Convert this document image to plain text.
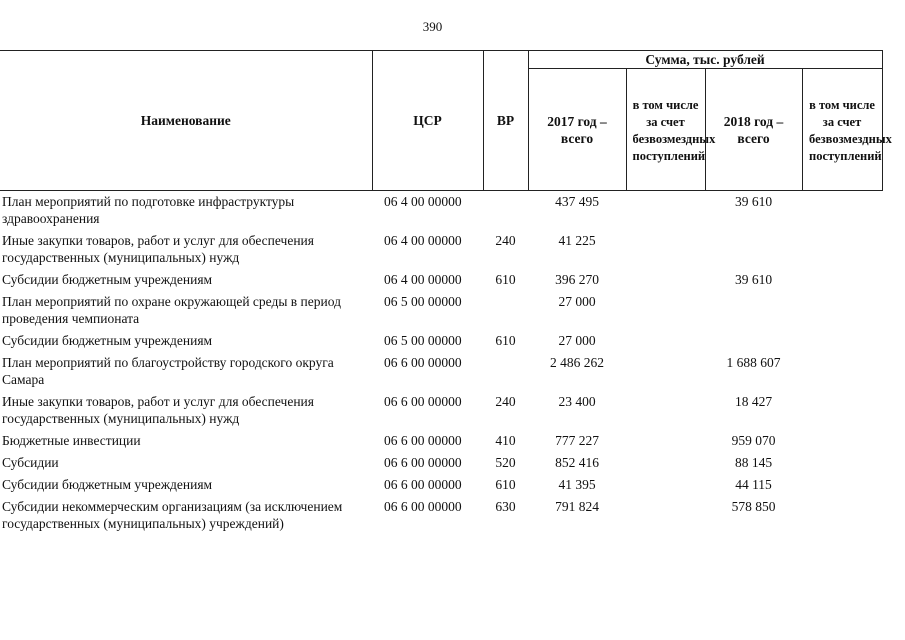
390
Наименование	ЦСР	ВР	Сумма, тыс. рублей			

			2017 год – всего	в том числе за счет безвозмездных поступлений	2018 год – всего	в том числе за счет безвозмездных поступлений

План мероприятий по подготовке инфраструктуры здравоохранения	06 4 00 00000		437 495		39 610	
Иные закупки товаров, работ и услуг для обеспечения государственных (муниципальных) нужд	06 4 00 00000	240	41 225			
Субсидии бюджетным учреждениям	06 4 00 00000	610	396 270		39 610	
План мероприятий по охране окружающей среды в период проведения чемпионата	06 5 00 00000		27 000			
Субсидии бюджетным учреждениям	06 5 00 00000	610	27 000			
План мероприятий по благоустройству городского округа Самара	06 6 00 00000		2 486 262		1 688 607	
Иные закупки товаров, работ и услуг для обеспечения государственных (муниципальных) нужд	06 6 00 00000	240	23 400		18 427	
Бюджетные инвестиции	06 6 00 00000	410	777 227		959 070	
Субсидии	06 6 00 00000	520	852 416		88 145	
Субсидии бюджетным учреждениям	06 6 00 00000	610	41 395		44 115	
Субсидии некоммерческим организациям (за исключением государственных (муниципальных) учреждений)	06 6 00 00000	630	791 824		578 850	
